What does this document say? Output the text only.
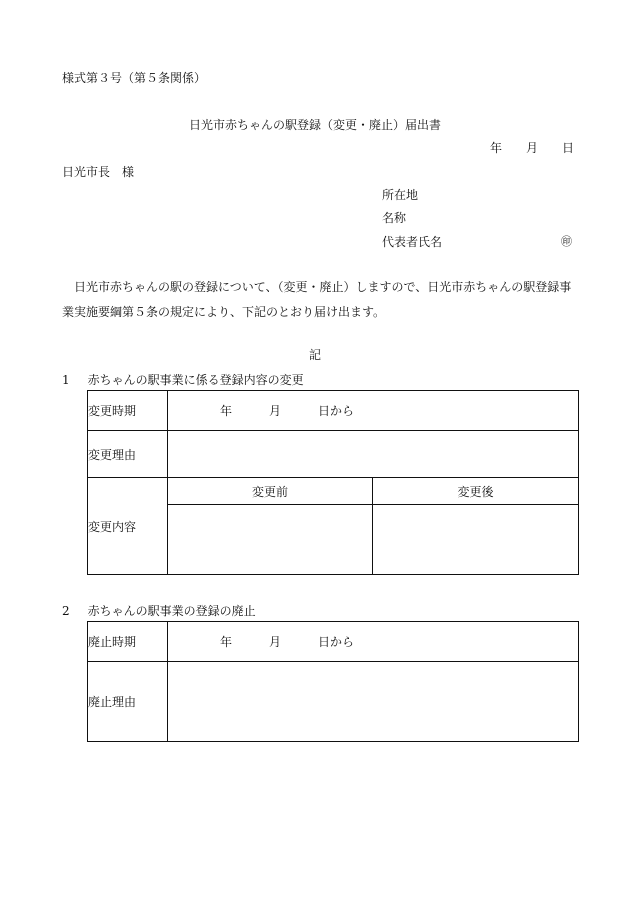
様式第３号（第５条関係）
日光市赤ちゃんの駅登録（変更・廃止）届出書
年 月 日
日光市長　様
所在地
名称
代表者氏名	㊞
日光市赤ちゃんの駅の登録について、（変更・廃止）しますので、日光市赤ちゃんの駅登録事業実施要綱第５条の規定により、下記のとおり届け出ます。
記
1 赤ちゃんの駅事業に係る登録内容の変更
変更時期	年 月 日から	
変更理由		
変更内容	変更前	変更後

2 赤ちゃんの駅事業の登録の廃止
廃止時期	年 月 日から
廃止理由	
